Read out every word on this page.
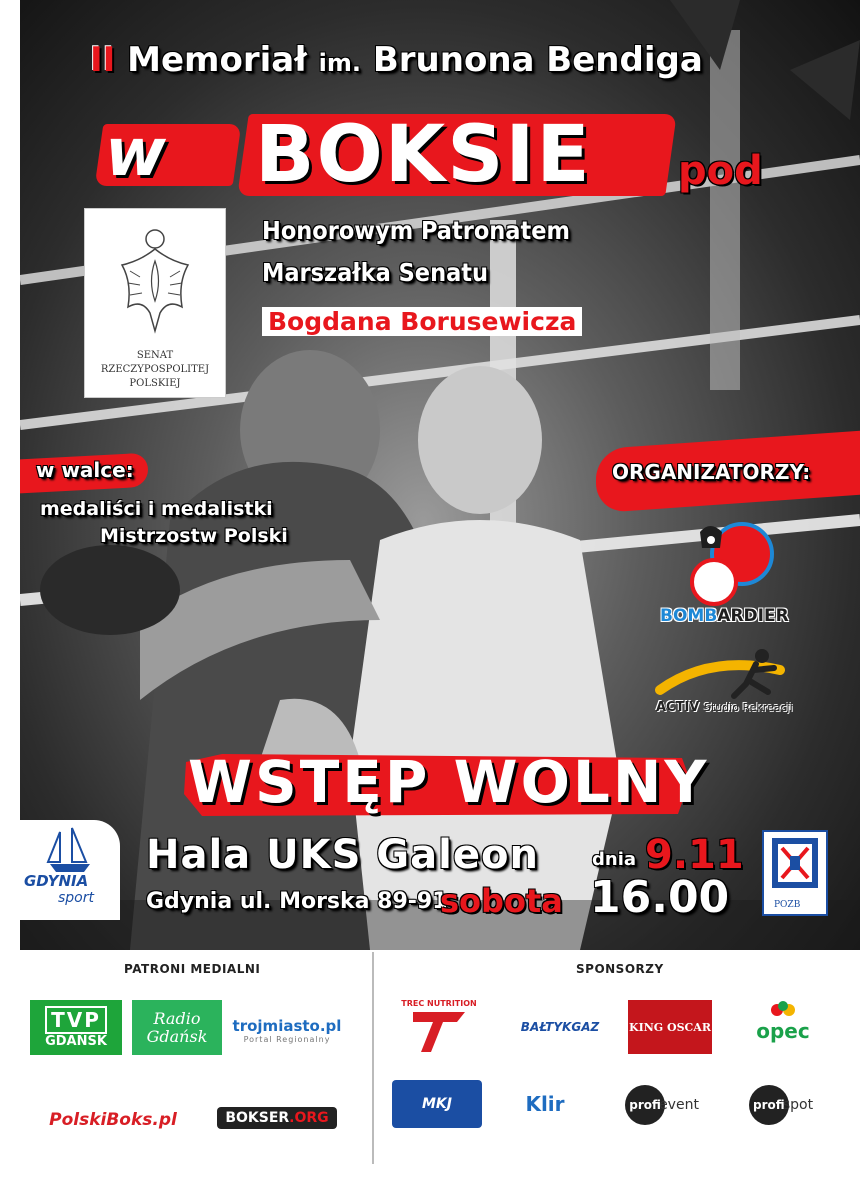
II Memoriał im. Brunona Bendiga
w BOKSIE pod
SENAT
RZECZYPOSPOLITEJ
POLSKIEJ
Honorowym Patronatem
Marszałka Senatu
Bogdana Borusewicza
w walce:
medaliści i medalistki
Mistrzostw Polski
ORGANIZATORZY:
BOMBARDIER
ACTIV Studio Rekreacji
WSTĘP WOLNY
GDYNIA
sport
Hala UKS Galeon	dnia 9.11
Gdynia ul. Morska 89-91
sobota 16.00	POZB
PATRONI MEDIALNI	SPONSORZY
TVP
GDAŃSK
Radio
Gdańsk
trojmiasto.pl
Portal Regionalny
PolskiBoks.pl	BOKSER .ORG
TREC NUTRITION
BAŁTYKGAZ	KING OSCAR opec
MKJ	Klir	profi
event	profi
spot
